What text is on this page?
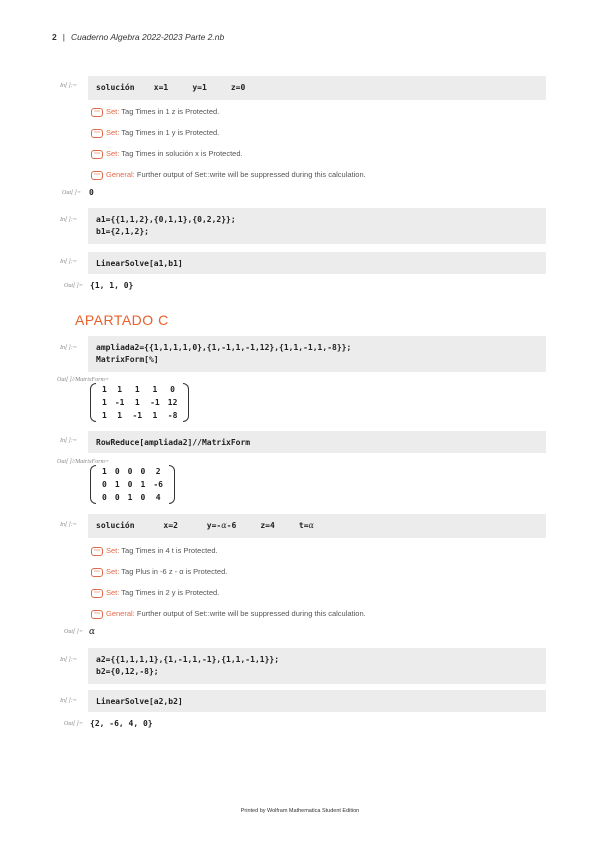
2 | Cuaderno Algebra 2022-2023 Parte 2.nb
In[ ]:=	solución    x=1     y=1     z=0
⋯ Set: Tag Times in 1 z is Protected.
⋯ Set: Tag Times in 1 y is Protected.
⋯ Set: Tag Times in solución x is Protected.
⋯ General: Further output of Set::write will be suppressed during this calculation.
Out[ ]= 0
In[ ]:=	a1={{1,1,2},{0,1,1},{0,2,2}};
b1={2,1,2};
In[ ]:=	LinearSolve[a1,b1]
Out[ ]= {1, 1, 0}
APARTADO C
In[ ]:=	ampliada2={{1,1,1,1,0},{1,-1,1,-1,12},{1,1,-1,1,-8}};
MatrixForm[%]
Out[ ]//MatrixForm=
1	1	1	1	0
1	-1	1	-1	12
1	1	-1	1	-8
In[ ]:=	RowReduce[ampliada2]//MatrixForm
Out[ ]//MatrixForm=
1	0	0	0	2
0	1	0	1	-6
0	0	1	0	4
In[ ]:=	solución      x=2      y=-α-6     z=4     t=α
⋯ Set: Tag Times in 4 t is Protected.
⋯ Set: Tag Plus in -6 z - α is Protected.
⋯ Set: Tag Times in 2 y is Protected.
⋯ General: Further output of Set::write will be suppressed during this calculation.
Out[ ]= α
In[ ]:=	a2={{1,1,1,1},{1,-1,1,-1},{1,1,-1,1}};
b2={0,12,-8};
In[ ]:=	LinearSolve[a2,b2]
Out[ ]= {2, -6, 4, 0}
Printed by Wolfram Mathematica Student Edition
